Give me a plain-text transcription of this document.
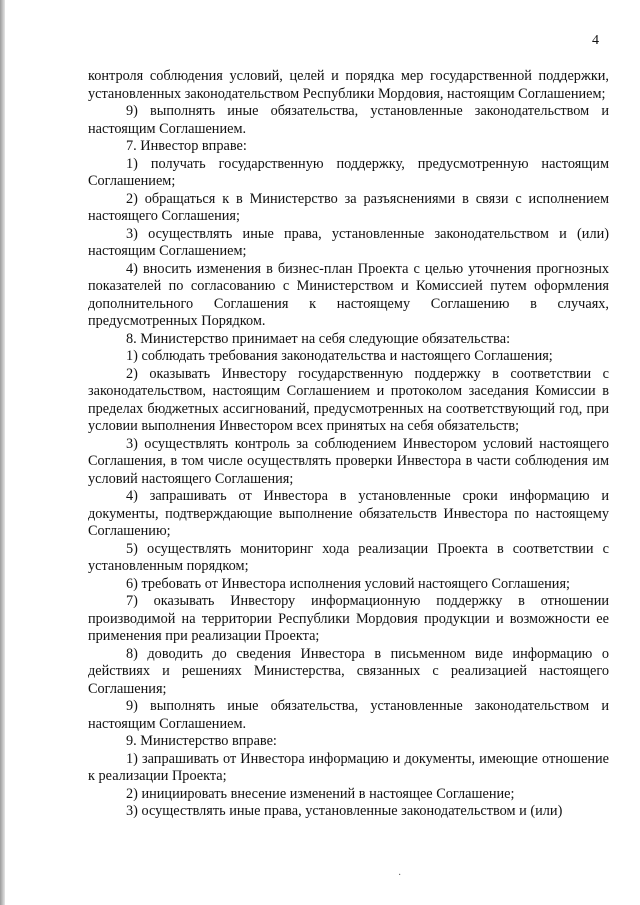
4

контроля соблюдения условий, целей и порядка мер государственной поддержки, установленных законодательством Республики Мордовия, настоящим Соглашением;

9) выполнять иные обязательства, установленные законодательством и настоящим Соглашением.

7. Инвестор вправе:

1) получать государственную поддержку, предусмотренную настоящим Соглашением;

2) обращаться к в Министерство за разъяснениями в связи с исполнением настоящего Соглашения;

3) осуществлять иные права, установленные законодательством и (или) настоящим Соглашением;

4) вносить изменения в бизнес-план Проекта с целью уточнения прогнозных показателей по согласованию с Министерством и Комиссией путем оформления дополнительного Соглашения к настоящему Соглашению в случаях, предусмотренных Порядком.

8. Министерство принимает на себя следующие обязательства:

1) соблюдать требования законодательства и настоящего Соглашения;

2) оказывать Инвестору государственную поддержку в соответствии с законодательством, настоящим Соглашением и протоколом заседания Комиссии в пределах бюджетных ассигнований, предусмотренных на соответствующий год, при условии выполнения Инвестором всех принятых на себя обязательств;

3) осуществлять контроль за соблюдением Инвестором условий настоящего Соглашения, в том числе осуществлять проверки Инвестора в части соблюдения им условий настоящего Соглашения;

4) запрашивать от Инвестора в установленные сроки информацию и документы, подтверждающие выполнение обязательств Инвестора по настоящему Соглашению;

5) осуществлять мониторинг хода реализации Проекта в соответствии с установленным порядком;

6) требовать от Инвестора исполнения условий настоящего Соглашения;

7) оказывать Инвестору информационную поддержку в отношении производимой на территории Республики Мордовия продукции и возможности ее применения при реализации Проекта;

8) доводить до сведения Инвестора в письменном виде информацию о действиях и решениях Министерства, связанных с реализацией настоящего Соглашения;

9) выполнять иные обязательства, установленные законодательством и настоящим Соглашением.

9. Министерство вправе:

1) запрашивать от Инвестора информацию и документы, имеющие отношение к реализации Проекта;

2) инициировать внесение изменений в настоящее Соглашение;

3) осуществлять иные права, установленные законодательством и (или)

·
